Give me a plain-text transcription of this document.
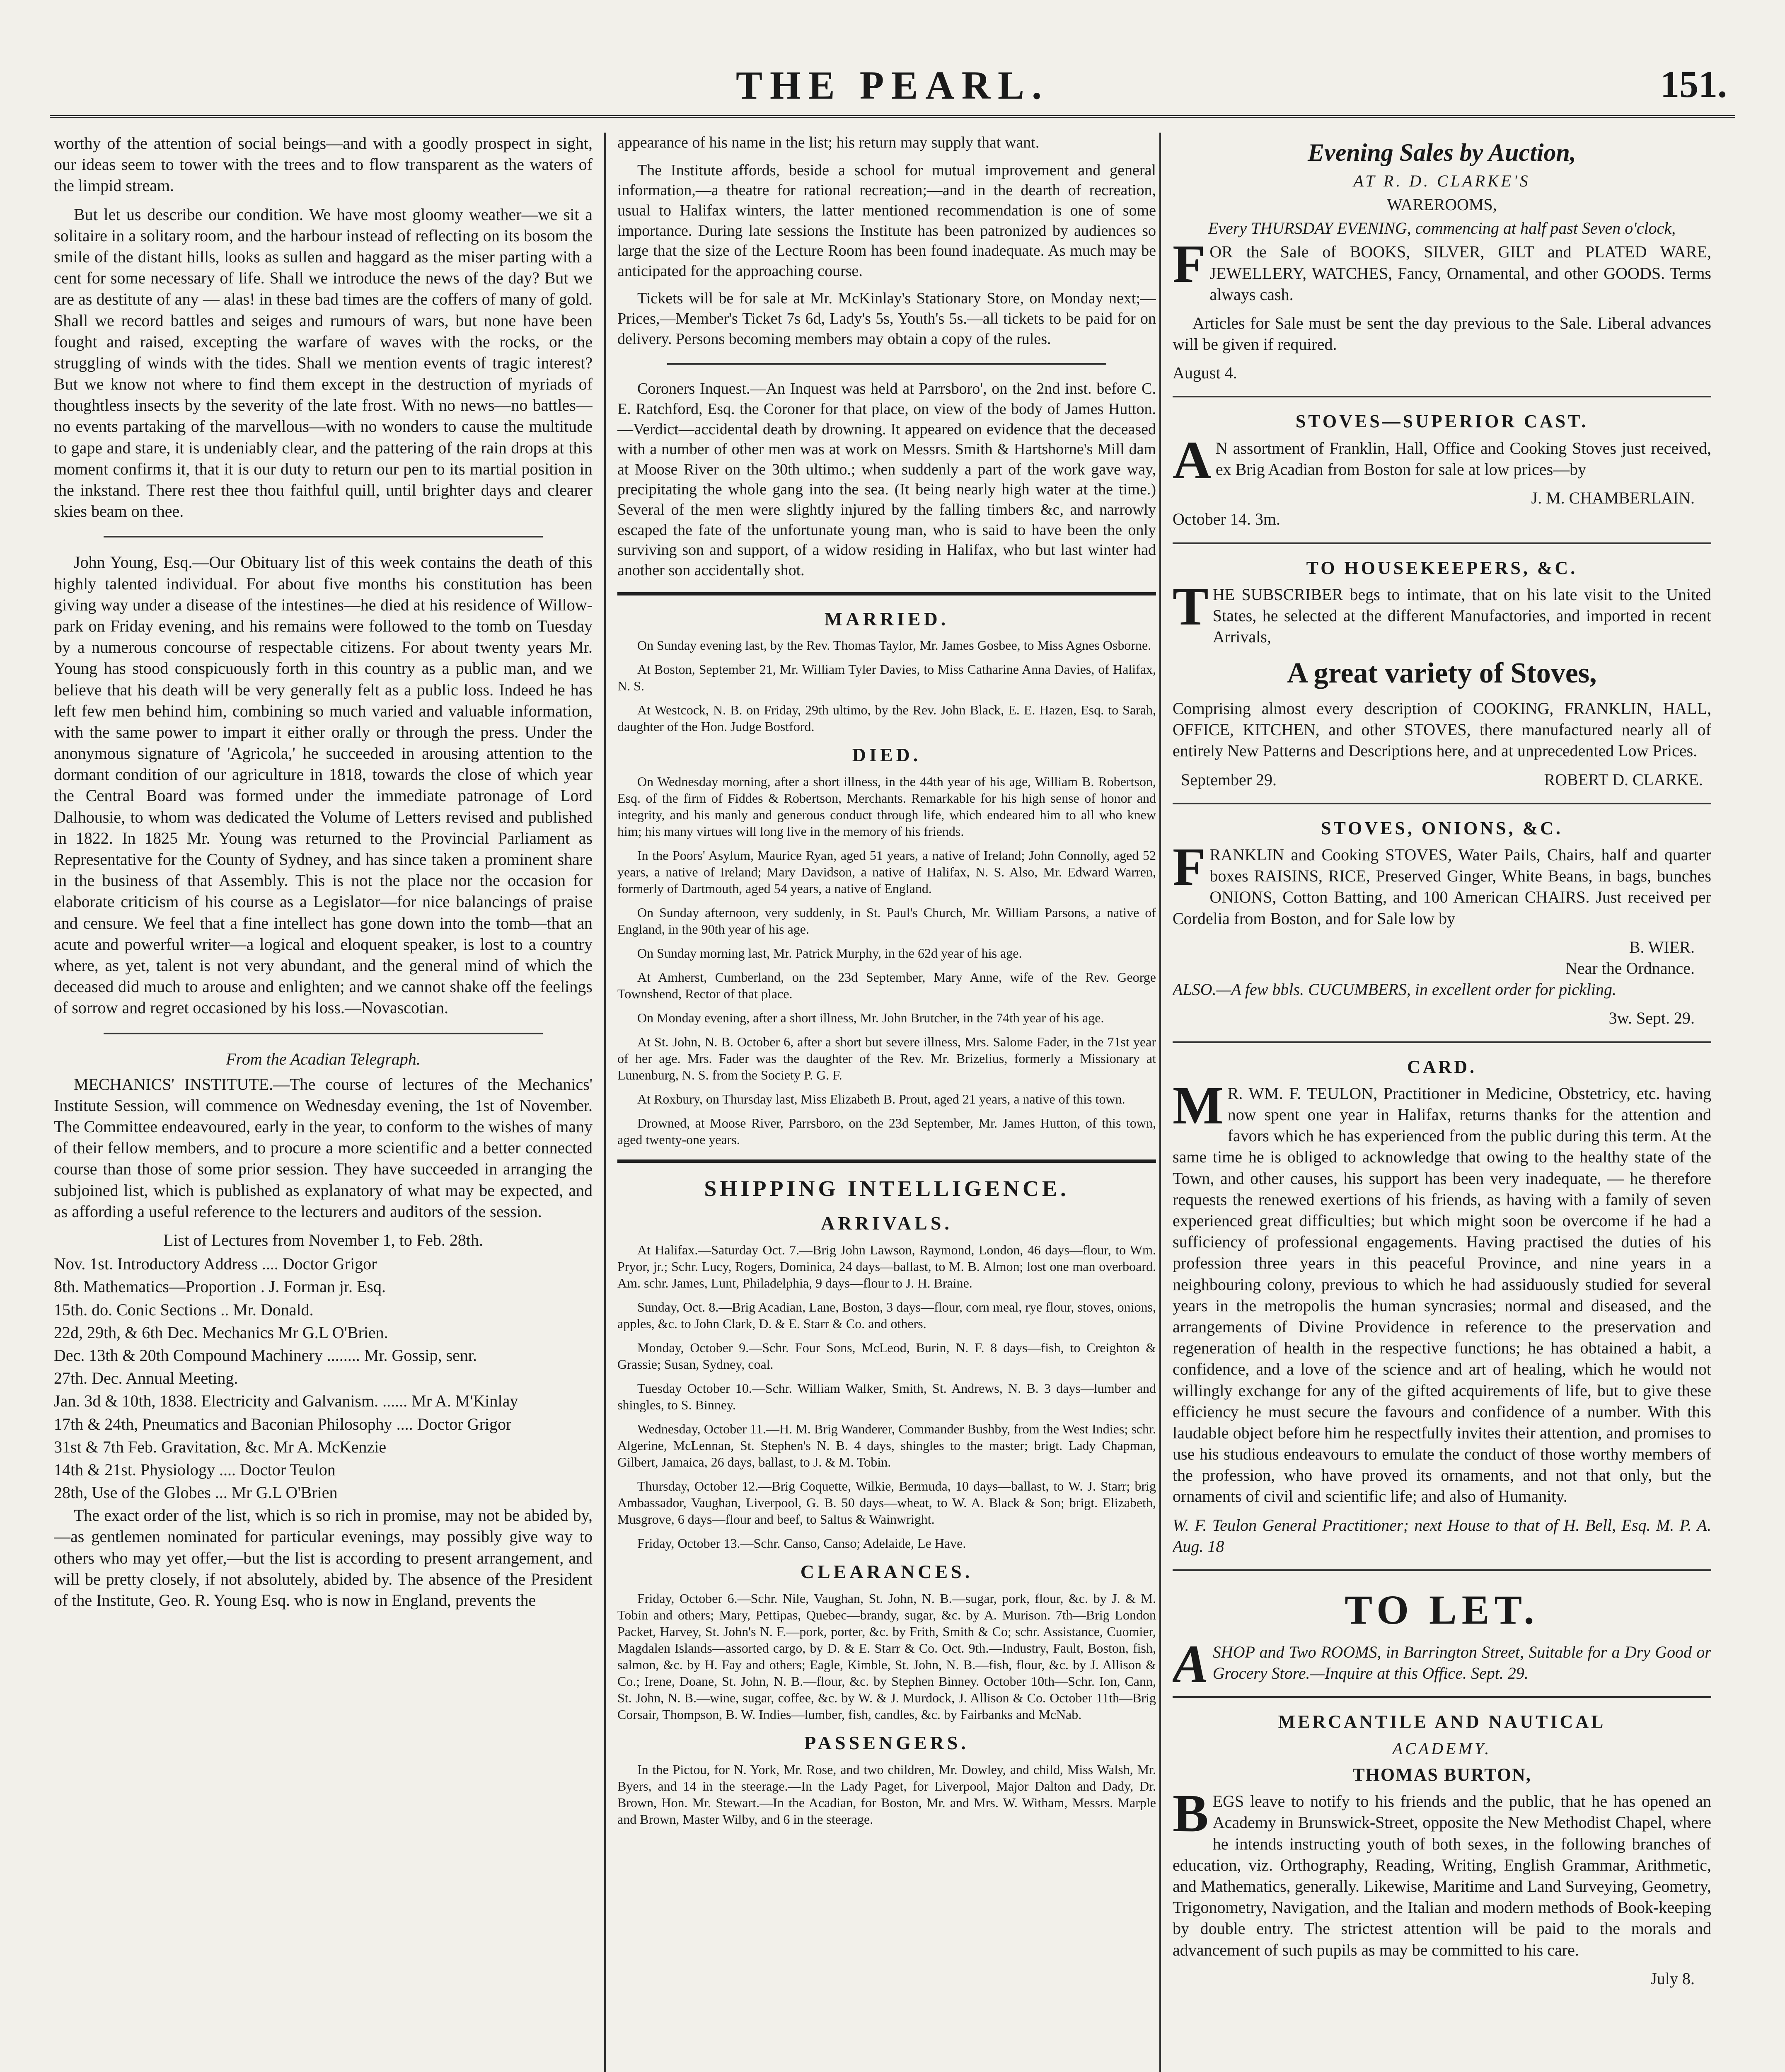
THE PEARL.	151.

worthy of the attention of social beings—and with a goodly prospect in sight, our ideas seem to tower with the trees and to flow transparent as the waters of the limpid stream.

But let us describe our condition. We have most gloomy weather—we sit a solitaire in a solitary room, and the harbour instead of reflecting on its bosom the smile of the distant hills, looks as sullen and haggard as the miser parting with a cent for some necessary of life. Shall we introduce the news of the day? But we are as destitute of any — alas! in these bad times are the coffers of many of gold. Shall we record battles and seiges and rumours of wars, but none have been fought and raised, excepting the warfare of waves with the rocks, or the struggling of winds with the tides. Shall we mention events of tragic interest? But we know not where to find them except in the destruction of myriads of thoughtless insects by the severity of the late frost. With no news—no battles—no events partaking of the marvellous—with no wonders to cause the multitude to gape and stare, it is undeniably clear, and the pattering of the rain drops at this moment confirms it, that it is our duty to return our pen to its martial position in the inkstand. There rest thee thou faithful quill, until brighter days and clearer skies beam on thee.

John Young, Esq.—Our Obituary list of this week contains the death of this highly talented individual. For about five months his constitution has been giving way under a disease of the intestines—he died at his residence of Willow-park on Friday evening, and his remains were followed to the tomb on Tuesday by a numerous concourse of respectable citizens. For about twenty years Mr. Young has stood conspicuously forth in this country as a public man, and we believe that his death will be very generally felt as a public loss. Indeed he has left few men behind him, combining so much varied and valuable information, with the same power to impart it either orally or through the press. Under the anonymous signature of 'Agricola,' he succeeded in arousing attention to the dormant condition of our agriculture in 1818, towards the close of which year the Central Board was formed under the immediate patronage of Lord Dalhousie, to whom was dedicated the Volume of Letters revised and published in 1822. In 1825 Mr. Young was returned to the Provincial Parliament as Representative for the County of Sydney, and has since taken a prominent share in the business of that Assembly. This is not the place nor the occasion for elaborate criticism of his course as a Legislator—for nice balancings of praise and censure. We feel that a fine intellect has gone down into the tomb—that an acute and powerful writer—a logical and eloquent speaker, is lost to a country where, as yet, talent is not very abundant, and the general mind of which the deceased did much to arouse and enlighten; and we cannot shake off the feelings of sorrow and regret occasioned by his loss.—Novascotian.

From the Acadian Telegraph.

MECHANICS' INSTITUTE.—The course of lectures of the Mechanics' Institute Session, will commence on Wednesday evening, the 1st of November. The Committee endeavoured, early in the year, to conform to the wishes of many of their fellow members, and to procure a more scientific and a better connected course than those of some prior session. They have succeeded in arranging the subjoined list, which is published as explanatory of what may be expected, and as affording a useful reference to the lecturers and auditors of the session.

List of Lectures from November 1, to Feb. 28th.
Nov. 1st. Introductory Address .... Doctor Grigor
8th. Mathematics—Proportion . J. Forman jr. Esq.
15th. do. Conic Sections .. Mr. Donald.
22d, 29th, & 6th Dec. Mechanics Mr G.L O'Brien.
Dec. 13th & 20th Compound Machinery ........ Mr. Gossip, senr.
27th. Dec. Annual Meeting.
Jan. 3d & 10th, 1838. Electricity and Galvanism. ...... Mr A. M'Kinlay
17th & 24th, Pneumatics and Baconian Philosophy .... Doctor Grigor
31st & 7th Feb. Gravitation, &c. Mr A. McKenzie
14th & 21st. Physiology .... Doctor Teulon
28th, Use of the Globes ... Mr G.L O'Brien

The exact order of the list, which is so rich in promise, may not be abided by,—as gentlemen nominated for particular evenings, may possibly give way to others who may yet offer,—but the list is according to present arrangement, and will be pretty closely, if not absolutely, abided by. The absence of the President of the Institute, Geo. R. Young Esq. who is now in England, prevents the

appearance of his name in the list; his return may supply that want.

The Institute affords, beside a school for mutual improvement and general information,—a theatre for rational recreation;—and in the dearth of recreation, usual to Halifax winters, the latter mentioned recommendation is one of some importance. During late sessions the Institute has been patronized by audiences so large that the size of the Lecture Room has been found inadequate. As much may be anticipated for the approaching course.

Tickets will be for sale at Mr. McKinlay's Stationary Store, on Monday next;—Prices,—Member's Ticket 7s 6d, Lady's 5s, Youth's 5s.—all tickets to be paid for on delivery. Persons becoming members may obtain a copy of the rules.

Coroners Inquest.—An Inquest was held at Parrsboro', on the 2nd inst. before C. E. Ratchford, Esq. the Coroner for that place, on view of the body of James Hutton.—Verdict—accidental death by drowning. It appeared on evidence that the deceased with a number of other men was at work on Messrs. Smith & Hartshorne's Mill dam at Moose River on the 30th ultimo.; when suddenly a part of the work gave way, precipitating the whole gang into the sea. (It being nearly high water at the time.) Several of the men were slightly injured by the falling timbers &c, and narrowly escaped the fate of the unfortunate young man, who is said to have been the only surviving son and support, of a widow residing in Halifax, who but last winter had another son accidentally shot.

MARRIED.

On Sunday evening last, by the Rev. Thomas Taylor, Mr. James Gosbee, to Miss Agnes Osborne.

At Boston, September 21, Mr. William Tyler Davies, to Miss Catharine Anna Davies, of Halifax, N. S.

At Westcock, N. B. on Friday, 29th ultimo, by the Rev. John Black, E. E. Hazen, Esq. to Sarah, daughter of the Hon. Judge Bostford.

DIED.

On Wednesday morning, after a short illness, in the 44th year of his age, William B. Robertson, Esq. of the firm of Fiddes & Robertson, Merchants. Remarkable for his high sense of honor and integrity, and his manly and generous conduct through life, which endeared him to all who knew him; his many virtues will long live in the memory of his friends.

In the Poors' Asylum, Maurice Ryan, aged 51 years, a native of Ireland; John Connolly, aged 52 years, a native of Ireland; Mary Davidson, a native of Halifax, N. S. Also, Mr. Edward Warren, formerly of Dartmouth, aged 54 years, a native of England.

On Sunday afternoon, very suddenly, in St. Paul's Church, Mr. William Parsons, a native of England, in the 90th year of his age.

On Sunday morning last, Mr. Patrick Murphy, in the 62d year of his age.

At Amherst, Cumberland, on the 23d September, Mary Anne, wife of the Rev. George Townshend, Rector of that place.

On Monday evening, after a short illness, Mr. John Brutcher, in the 74th year of his age.

At St. John, N. B. October 6, after a short but severe illness, Mrs. Salome Fader, in the 71st year of her age. Mrs. Fader was the daughter of the Rev. Mr. Brizelius, formerly a Missionary at Lunenburg, N. S. from the Society P. G. F.

At Roxbury, on Thursday last, Miss Elizabeth B. Prout, aged 21 years, a native of this town.

Drowned, at Moose River, Parrsboro, on the 23d September, Mr. James Hutton, of this town, aged twenty-one years.

SHIPPING INTELLIGENCE.
ARRIVALS.

At Halifax.—Saturday Oct. 7.—Brig John Lawson, Raymond, London, 46 days—flour, to Wm. Pryor, jr.; Schr. Lucy, Rogers, Dominica, 24 days—ballast, to M. B. Almon; lost one man overboard. Am. schr. James, Lunt, Philadelphia, 9 days—flour to J. H. Braine.

Sunday, Oct. 8.—Brig Acadian, Lane, Boston, 3 days—flour, corn meal, rye flour, stoves, onions, apples, &c. to John Clark, D. & E. Starr & Co. and others.

Monday, October 9.—Schr. Four Sons, McLeod, Burin, N. F. 8 days—fish, to Creighton & Grassie; Susan, Sydney, coal.

Tuesday October 10.—Schr. William Walker, Smith, St. Andrews, N. B. 3 days—lumber and shingles, to S. Binney.

Wednesday, October 11.—H. M. Brig Wanderer, Commander Bushby, from the West Indies; schr. Algerine, McLennan, St. Stephen's N. B. 4 days, shingles to the master; brigt. Lady Chapman, Gilbert, Jamaica, 26 days, ballast, to J. & M. Tobin.

Thursday, October 12.—Brig Coquette, Wilkie, Bermuda, 10 days—ballast, to W. J. Starr; brig Ambassador, Vaughan, Liverpool, G. B. 50 days—wheat, to W. A. Black & Son; brigt. Elizabeth, Musgrove, 6 days—flour and beef, to Saltus & Wainwright.

Friday, October 13.—Schr. Canso, Canso; Adelaide, Le Have.

CLEARANCES.

Friday, October 6.—Schr. Nile, Vaughan, St. John, N. B.—sugar, pork, flour, &c. by J. & M. Tobin and others; Mary, Pettipas, Quebec—brandy, sugar, &c. by A. Murison. 7th—Brig London Packet, Harvey, St. John's N. F.—pork, porter, &c. by Frith, Smith & Co; schr. Assistance, Cuomier, Magdalen Islands—assorted cargo, by D. & E. Starr & Co. Oct. 9th.—Industry, Fault, Boston, fish, salmon, &c. by H. Fay and others; Eagle, Kimble, St. John, N. B.—fish, flour, &c. by J. Allison & Co.; Irene, Doane, St. John, N. B.—flour, &c. by Stephen Binney. October 10th—Schr. Ion, Cann, St. John, N. B.—wine, sugar, coffee, &c. by W. & J. Murdock, J. Allison & Co. October 11th—Brig Corsair, Thompson, B. W. Indies—lumber, fish, candles, &c. by Fairbanks and McNab.

PASSENGERS.

In the Pictou, for N. York, Mr. Rose, and two children, Mr. Dowley, and child, Miss Walsh, Mr. Byers, and 14 in the steerage.—In the Lady Paget, for Liverpool, Major Dalton and Dady, Dr. Brown, Hon. Mr. Stewart.—In the Acadian, for Boston, Mr. and Mrs. W. Witham, Messrs. Marple and Brown, Master Wilby, and 6 in the steerage.

Evening Sales by Auction,
AT R. D. CLARKE'S
WAREROOMS,
Every THURSDAY EVENING, commencing at half past Seven o'clock,

FOR the Sale of BOOKS, SILVER, GILT and PLATED WARE, JEWELLERY, WATCHES, Fancy, Ornamental, and other GOODS. Terms always cash.

Articles for Sale must be sent the day previous to the Sale. Liberal advances will be given if required.

August 4.
STOVES—SUPERIOR CAST.

AN assortment of Franklin, Hall, Office and Cooking Stoves just received, ex Brig Acadian from Boston for sale at low prices—by

J. M. CHAMBERLAIN.
October 14. 3m.
TO HOUSEKEEPERS, &C.

THE SUBSCRIBER begs to intimate, that on his late visit to the United States, he selected at the different Manufactories, and imported in recent Arrivals,

A great variety of Stoves,

Comprising almost every description of COOKING, FRANKLIN, HALL, OFFICE, KITCHEN, and other STOVES, there manufactured nearly all of entirely New Patterns and Descriptions here, and at unprecedented Low Prices.

September 29.	ROBERT D. CLARKE.
STOVES, ONIONS, &C.

FRANKLIN and Cooking STOVES, Water Pails, Chairs, half and quarter boxes RAISINS, RICE, Preserved Ginger, White Beans, in bags, bunches ONIONS, Cotton Batting, and 100 American CHAIRS. Just received per Cordelia from Boston, and for Sale low by

B. WIER.
Near the Ordnance.

ALSO.—A few bbls. CUCUMBERS, in excellent order for pickling.

3w. Sept. 29.
CARD.

MR. WM. F. TEULON, Practitioner in Medicine, Obstetricy, etc. having now spent one year in Halifax, returns thanks for the attention and favors which he has experienced from the public during this term. At the same time he is obliged to acknowledge that owing to the healthy state of the Town, and other causes, his support has been very inadequate, — he therefore requests the renewed exertions of his friends, as having with a family of seven experienced great difficulties; but which might soon be overcome if he had a sufficiency of professional engagements. Having practised the duties of his profession three years in this peaceful Province, and nine years in a neighbouring colony, previous to which he had assiduously studied for several years in the metropolis the human syncrasies; normal and diseased, and the arrangements of Divine Providence in reference to the preservation and regeneration of health in the respective functions; he has obtained a habit, a confidence, and a love of the science and art of healing, which he would not willingly exchange for any of the gifted acquirements of life, but to give these efficiency he must secure the favours and confidence of a number. With this laudable object before him he respectfully invites their attention, and promises to use his studious endeavours to emulate the conduct of those worthy members of the profession, who have proved its ornaments, and not that only, but the ornaments of civil and scientific life; and also of Humanity.

W. F. Teulon General Practitioner; next House to that of H. Bell, Esq. M. P. A. Aug. 18

TO LET.

ASHOP and Two ROOMS, in Barrington Street, Suitable for a Dry Good or Grocery Store.—Inquire at this Office. Sept. 29.

MERCANTILE AND NAUTICAL
ACADEMY.
THOMAS BURTON,

BEGS leave to notify to his friends and the public, that he has opened an Academy in Brunswick-Street, opposite the New Methodist Chapel, where he intends instructing youth of both sexes, in the following branches of education, viz. Orthography, Reading, Writing, English Grammar, Arithmetic, and Mathematics, generally. Likewise, Maritime and Land Surveying, Geometry, Trigonometry, Navigation, and the Italian and modern methods of Book-keeping by double entry. The strictest attention will be paid to the morals and advancement of such pupils as may be committed to his care.

July 8.
